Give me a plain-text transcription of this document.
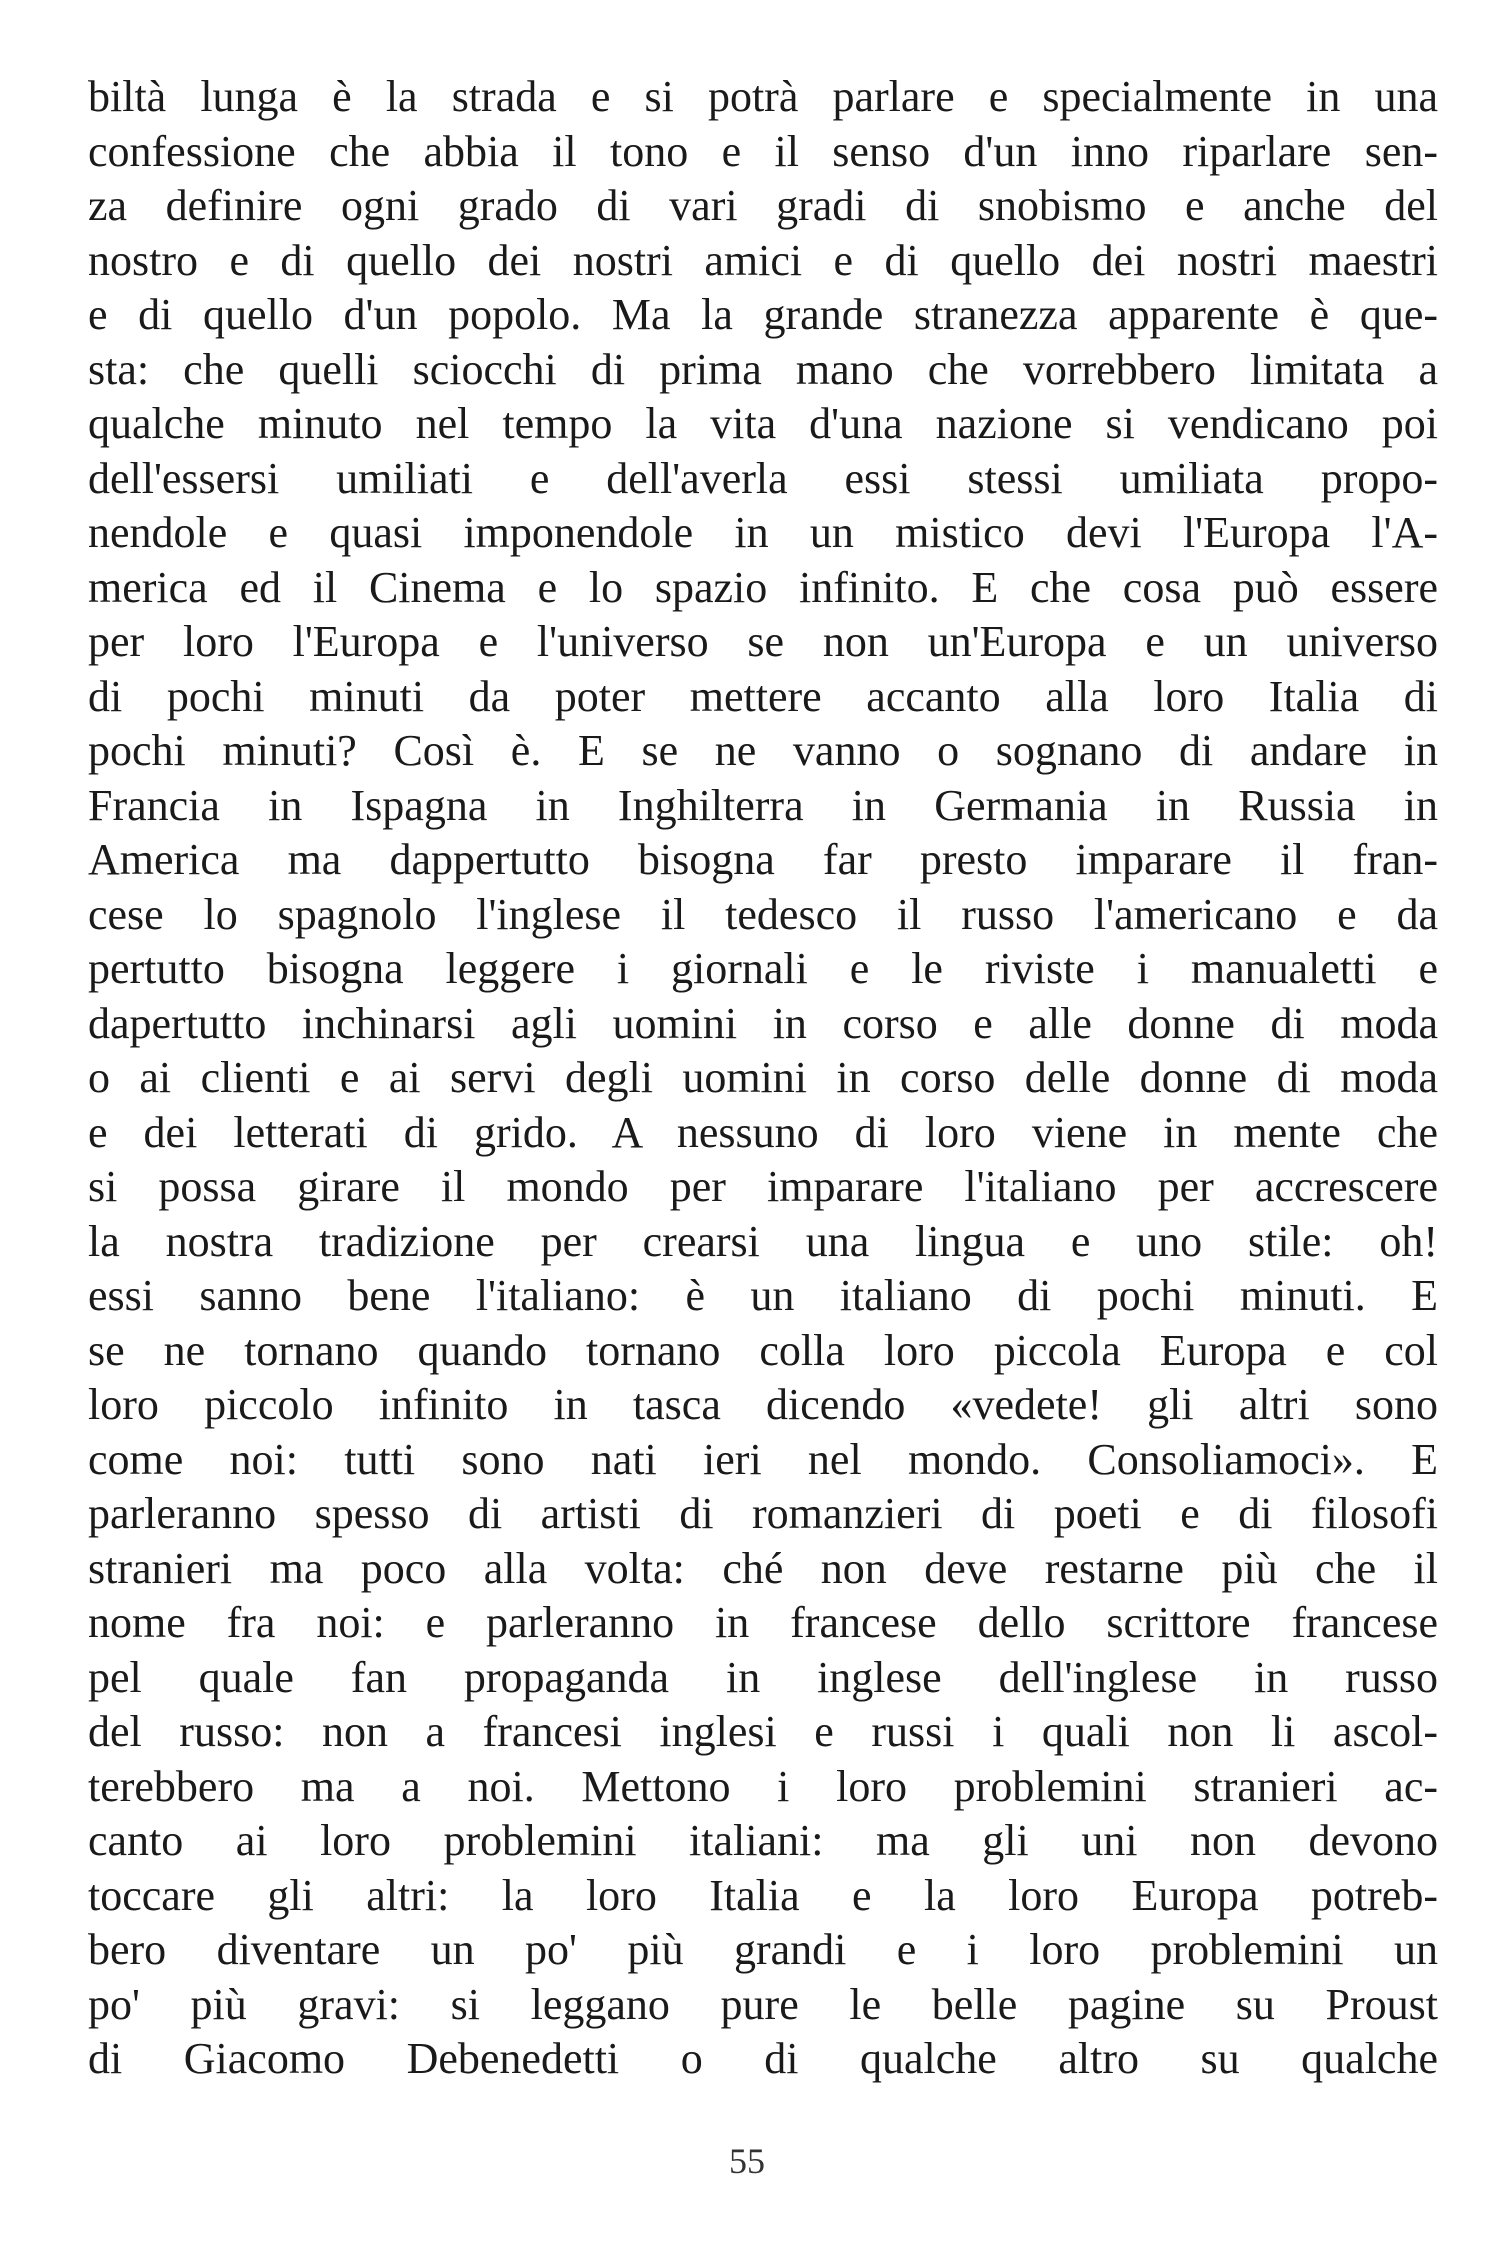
biltà lunga è la strada e si potrà parlare e specialmente in una
confessione che abbia il tono e il senso d'un inno riparlare sen-
za definire ogni grado di vari gradi di snobismo e anche del
nostro e di quello dei nostri amici e di quello dei nostri maestri
e di quello d'un popolo. Ma la grande stranezza apparente è que-
sta: che quelli sciocchi di prima mano che vorrebbero limitata a
qualche minuto nel tempo la vita d'una nazione si vendicano poi
dell'essersi umiliati e dell'averla essi stessi umiliata propo-
nendole e quasi imponendole in un mistico devi l'Europa l'A-
merica ed il Cinema e lo spazio infinito. E che cosa può essere
per loro l'Europa e l'universo se non un'Europa e un universo
di pochi minuti da poter mettere accanto alla loro Italia di
pochi minuti? Così è. E se ne vanno o sognano di andare in
Francia in Ispagna in Inghilterra in Germania in Russia in
America ma dappertutto bisogna far presto imparare il fran-
cese lo spagnolo l'inglese il tedesco il russo l'americano e da
pertutto bisogna leggere i giornali e le riviste i manualetti e
dapertutto inchinarsi agli uomini in corso e alle donne di moda
o ai clienti e ai servi degli uomini in corso delle donne di moda
e dei letterati di grido. A nessuno di loro viene in mente che
si possa girare il mondo per imparare l'italiano per accrescere
la nostra tradizione per crearsi una lingua e uno stile: oh!
essi sanno bene l'italiano: è un italiano di pochi minuti. E
se ne tornano quando tornano colla loro piccola Europa e col
loro piccolo infinito in tasca dicendo «vedete! gli altri sono
come noi: tutti sono nati ieri nel mondo. Consoliamoci». E
parleranno spesso di artisti di romanzieri di poeti e di filosofi
stranieri ma poco alla volta: ché non deve restarne più che il
nome fra noi: e parleranno in francese dello scrittore francese
pel quale fan propaganda in inglese dell'inglese in russo
del russo: non a francesi inglesi e russi i quali non li ascol-
terebbero ma a noi. Mettono i loro problemini stranieri ac-
canto ai loro problemini italiani: ma gli uni non devono
toccare gli altri: la loro Italia e la loro Europa potreb-
bero diventare un po' più grandi e i loro problemini un
po' più gravi: si leggano pure le belle pagine su Proust
di Giacomo Debenedetti o di qualche altro su qualche
55
